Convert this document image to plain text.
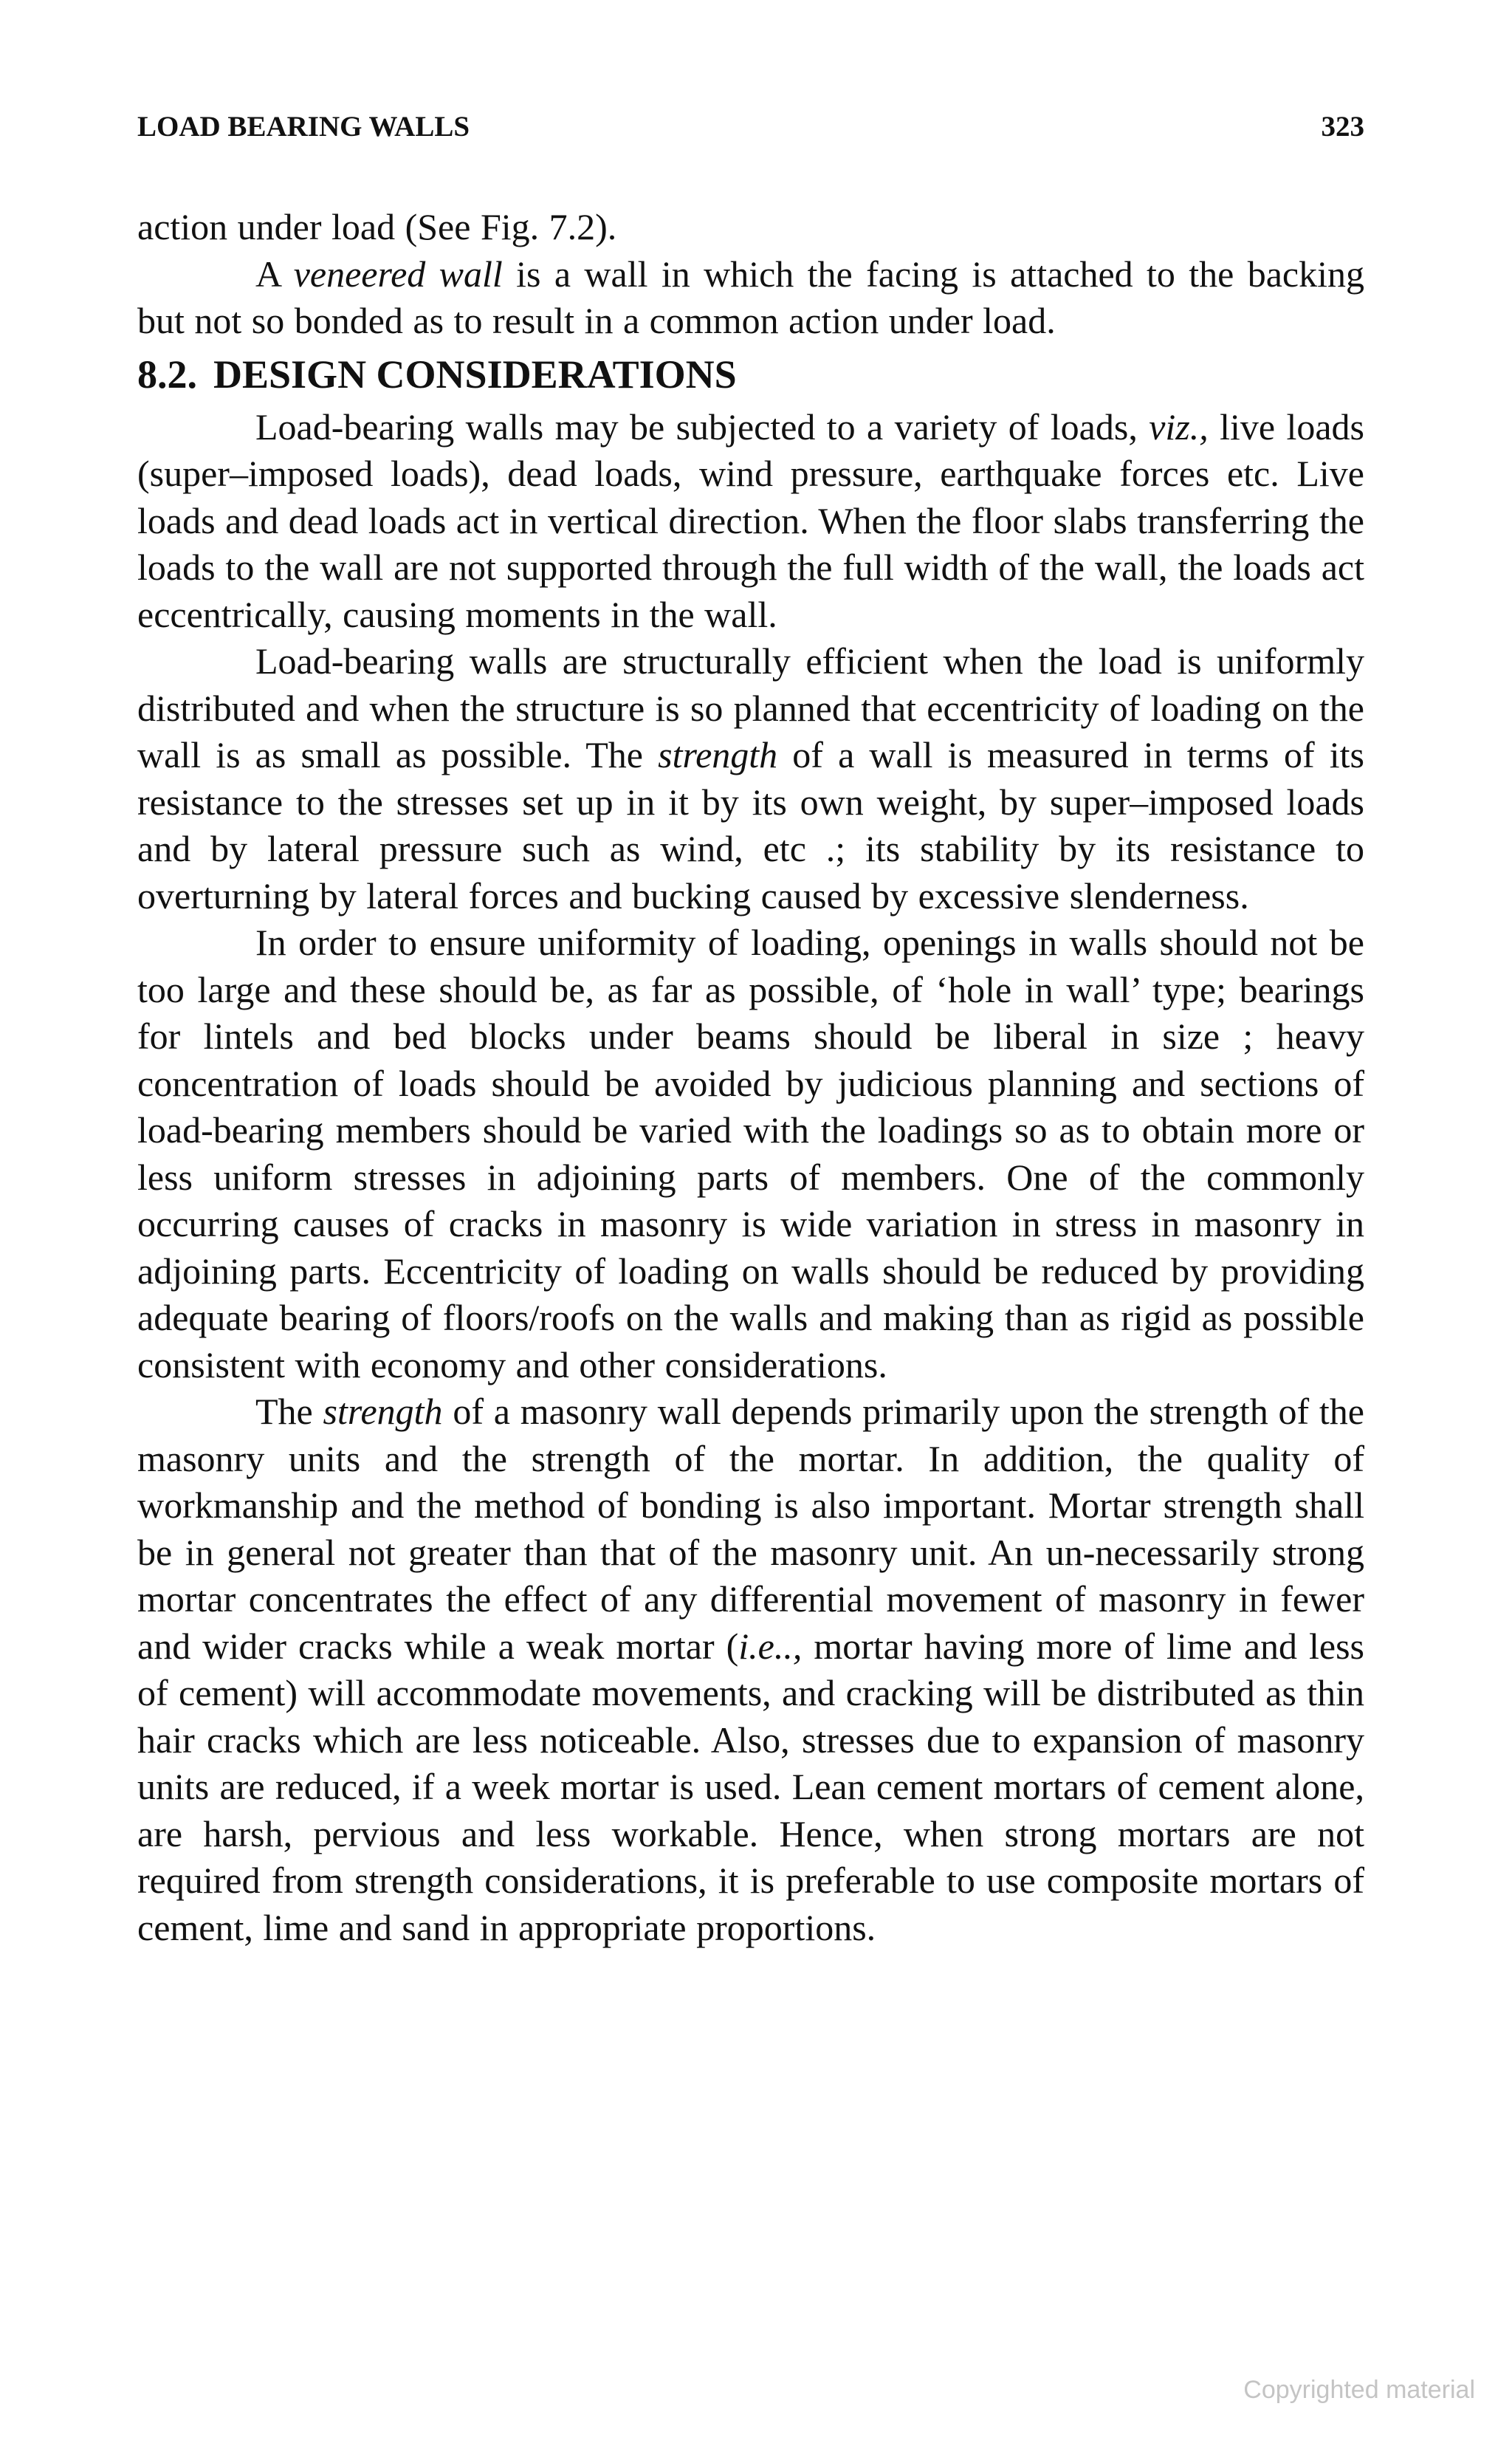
LOAD BEARING WALLS	323

action under load (See Fig. 7.2).

A veneered wall is a wall in which the facing is attached to the backing but not so bonded as to result in a common action under load.

8.2. DESIGN CONSIDERATIONS

Load-bearing walls may be subjected to a variety of loads, viz., live loads (super–imposed loads), dead loads, wind pressure, earthquake forces etc. Live loads and dead loads act in vertical direction. When the floor slabs transferring the loads to the wall are not supported through the full width of the wall, the loads act eccentrically, causing moments in the wall.

Load-bearing walls are structurally efficient when the load is uniformly distributed and when the structure is so planned that eccentricity of loading on the wall is as small as possible. The strength of a wall is measured in terms of its resistance to the stresses set up in it by its own weight, by super–imposed loads and by lateral pressure such as wind, etc .; its stability by its resistance to overturning by lateral forces and bucking caused by excessive slenderness.

In order to ensure uniformity of loading, openings in walls should not be too large and these should be, as far as possible, of ‘hole in wall’ type; bearings for lintels and bed blocks under beams should be liberal in size ; heavy concentration of loads should be avoided by judicious planning and sections of load-bearing members should be varied with the loadings so as to obtain more or less uniform stresses in adjoining parts of members. One of the commonly occurring causes of cracks in masonry is wide variation in stress in masonry in adjoining parts. Eccentricity of loading on walls should be reduced by providing adequate bearing of floors/roofs on the walls and making than as rigid as possible consistent with economy and other considerations.

The strength of a masonry wall depends primarily upon the strength of the masonry units and the strength of the mortar. In addition, the quality of workmanship and the method of bonding is also important. Mortar strength shall be in general not greater than that of the masonry unit. An un-necessarily strong mortar concentrates the effect of any differential movement of masonry in fewer and wider cracks while a weak mortar (i.e.., mortar having more of lime and less of cement) will accommodate movements, and cracking will be distributed as thin hair cracks which are less noticeable. Also, stresses due to expansion of masonry units are reduced, if a week mortar is used. Lean cement mortars of cement alone, are harsh, pervious and less workable. Hence, when strong mortars are not required from strength considerations, it is preferable to use composite mortars of cement, lime and sand in appropriate proportions.

Copyrighted material
